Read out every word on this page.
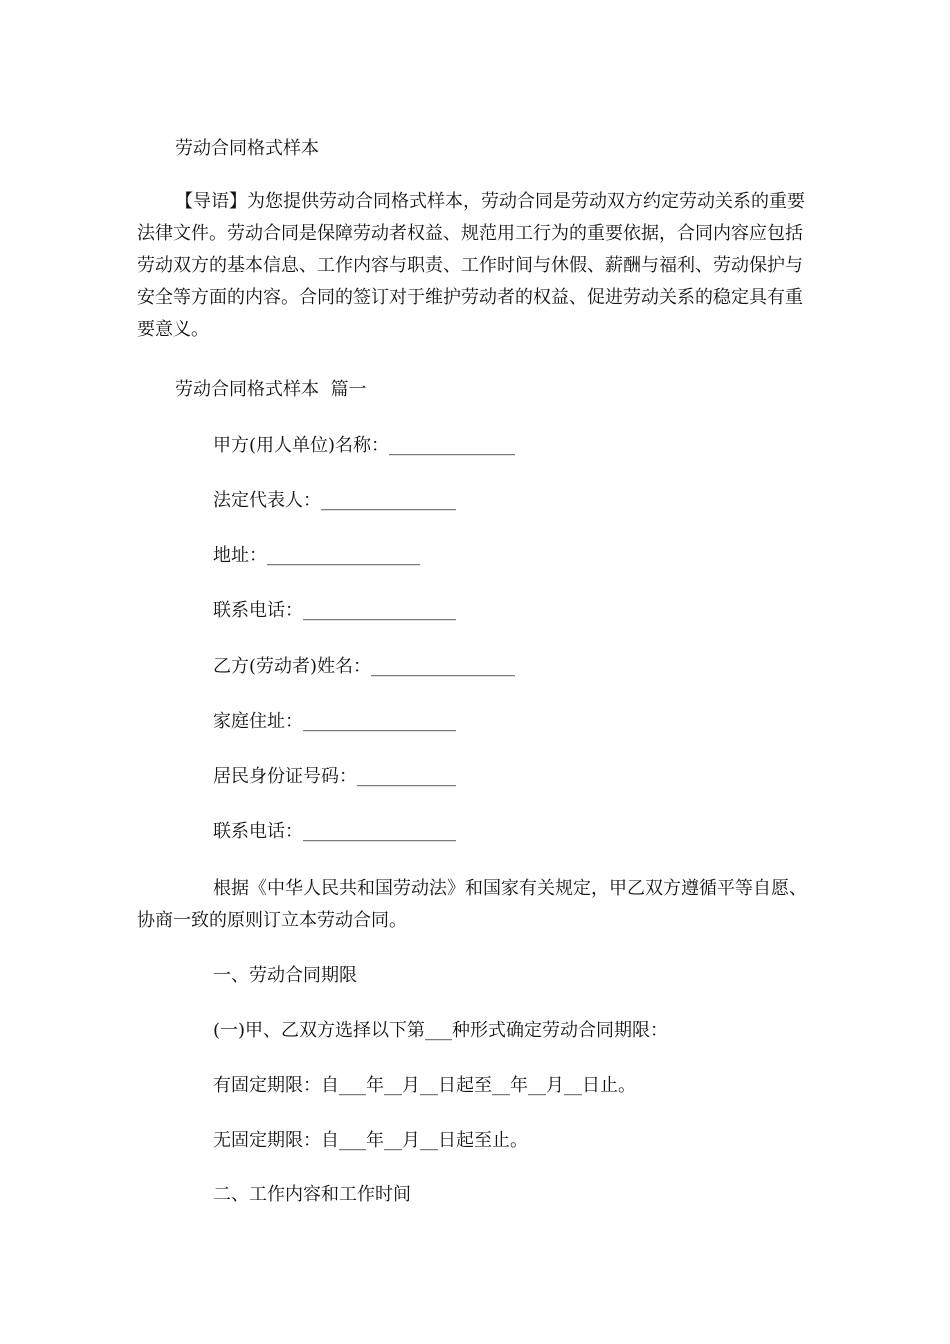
劳动合同格式样本
【导语】为您提供劳动合同格式样本，劳动合同是劳动双方约定劳动关系的重要法律文件。劳动合同是保障劳动者权益、规范用工行为的重要依据，合同内容应包括劳动双方的基本信息、工作内容与职责、工作时间与休假、薪酬与福利、劳动保护与安全等方面的内容。合同的签订对于维护劳动者的权益、促进劳动关系的稳定具有重要意义。
劳动合同格式样本  篇一
甲方(用人单位)名称：______________
法定代表人：_______________
地址：_________________
联系电话：_________________
乙方(劳动者)姓名：________________
家庭住址：_________________
居民身份证号码：___________
联系电话：_________________
根据《中华人民共和国劳动法》和国家有关规定，甲乙双方遵循平等自愿、协商一致的原则订立本劳动合同。
一、劳动合同期限
(一)甲、乙双方选择以下第___种形式确定劳动合同期限：
有固定期限：自___年__月__日起至__年__月__日止。
无固定期限：自___年__月__日起至止。
二、工作内容和工作时间
